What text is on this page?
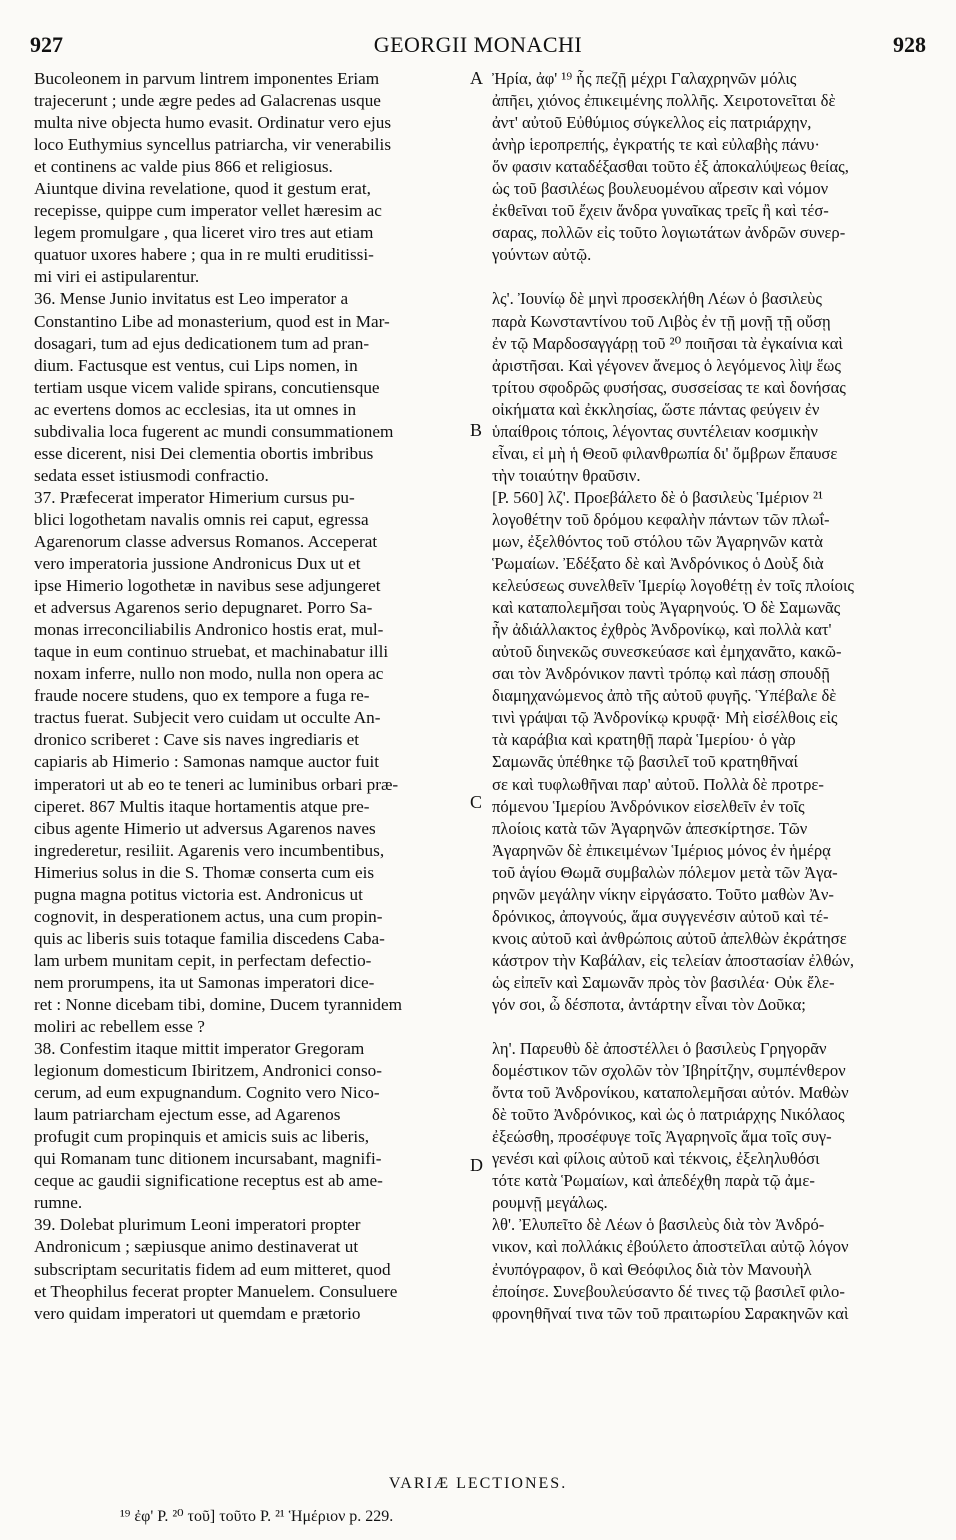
927	GEORGII MONACHI	928
Bucoleonem in parvum lintrem imponentes Eriam
trajecerunt ; unde ægre pedes ad Galacrenas usque
multa nive objecta humo evasit. Ordinatur vero ejus
loco Euthymius syncellus patriarcha, vir venerabilis
et continens ac valde pius 866 et religiosus.
Aiuntque divina revelatione, quod it gestum erat,
recepisse, quippe cum imperator vellet hæresim ac
legem promulgare , qua liceret viro tres aut etiam
quatuor uxores habere ; qua in re multi eruditissi-
mi viri ei astipularentur.
36. Mense Junio invitatus est Leo imperator a
Constantino Libe ad monasterium, quod est in Mar-
dosagari, tum ad ejus dedicationem tum ad pran-
dium. Factusque est ventus, cui Lips nomen, in
tertiam usque vicem valide spirans, concutiensque
ac evertens domos ac ecclesias, ita ut omnes in
subdivalia loca fugerent ac mundi consummationem
esse dicerent, nisi Dei clementia obortis imbribus
sedata esset istiusmodi confractio.
37. Præfecerat imperator Himerium cursus pu-
blici logothetam navalis omnis rei caput, egressa
Agarenorum classe adversus Romanos. Acceperat
vero imperatoria jussione Andronicus Dux ut et
ipse Himerio logothetæ in navibus sese adjungeret
et adversus Agarenos serio depugnaret. Porro Sa-
monas irreconciliabilis Andronico hostis erat, mul-
taque in eum continuo struebat, et machinabatur illi
noxam inferre, nullo non modo, nulla non opera ac
fraude nocere studens, quo ex tempore a fuga re-
tractus fuerat. Subjecit vero cuidam ut occulte An-
dronico scriberet : Cave sis naves ingrediaris et
capiaris ab Himerio : Samonas namque auctor fuit
imperatori ut ab eo te teneri ac luminibus orbari præ-
ciperet. 867 Multis itaque hortamentis atque pre-
cibus agente Himerio ut adversus Agarenos naves
ingrederetur, resiliit. Agarenis vero incumbentibus,
Himerius solus in die S. Thomæ conserta cum eis
pugna magna potitus victoria est. Andronicus ut
cognovit, in desperationem actus, una cum propin-
quis ac liberis suis totaque familia discedens Caba-
lam urbem munitam cepit, in perfectam defectio-
nem prorumpens, ita ut Samonas imperatori dice-
ret : Nonne dicebam tibi, domine, Ducem tyrannidem
moliri ac rebellem esse ?
38. Confestim itaque mittit imperator Gregoram
legionum domesticum Ibiritzem, Andronici conso-
cerum, ad eum expugnandum. Cognito vero Nico-
laum patriarcham ejectum esse, ad Agarenos
profugit cum propinquis et amicis suis ac liberis,
qui Romanam tunc ditionem incursabant, magnifi-
ceque ac gaudii significatione receptus est ab ame-
rumne.
39. Dolebat plurimum Leoni imperatori propter
Andronicum ; sæpiusque animo destinaverat ut
subscriptam securitatis fidem ad eum mitteret, quod
et Theophilus fecerat propter Manuelem. Consuluere
vero quidam imperatori ut quemdam e prætorio
Ἠρία, ἀφ' ¹⁹ ἧς πεζῇ μέχρι Γαλαχρηνῶν μόλις
ἀπῆει, χιόνος ἐπικειμένης πολλῆς. Χειροτονεῖται δὲ
ἀντ' αὐτοῦ Εὐθύμιος σύγκελλος εἰς πατριάρχην,
ἀνὴρ ἱεροπρεπής, ἐγκρατής τε καὶ εὐλαβὴς πάνυ·
ὅν φασιν καταδέξασθαι τοῦτο ἐξ ἀποκαλύψεως θείας,
ὡς τοῦ βασιλέως βουλευομένου αἵρεσιν καὶ νόμον
ἐκθεῖναι τοῦ ἔχειν ἄνδρα γυναῖκας τρεῖς ἢ καὶ τέσ-
σαρας, πολλῶν εἰς τοῦτο λογιωτάτων ἀνδρῶν συνερ-
γούντων αὐτῷ.

λς'. Ἰουνίῳ δὲ μηνὶ προσεκλήθη Λέων ὁ βασιλεὺς
παρὰ Κωνσταντίνου τοῦ Λιβὸς ἐν τῇ μονῇ τῇ οὔσῃ
ἐν τῷ Μαρδοσαγγάρῃ τοῦ ²⁰ ποιῆσαι τὰ ἐγκαίνια καὶ
ἀριστῆσαι. Καὶ γέγονεν ἄνεμος ὁ λεγόμενος λὶψ ἕως
τρίτου σφοδρῶς φυσήσας, συσσείσας τε καὶ δονήσας
οἰκήματα καὶ ἐκκλησίας, ὥστε πάντας φεύγειν ἐν
ὑπαίθροις τόποις, λέγοντας συντέλειαν κοσμικὴν
εἶναι, εἰ μὴ ἡ Θεοῦ φιλανθρωπία δι' ὄμβρων ἔπαυσε
τὴν τοιαύτην θραῦσιν.
[P. 560] λζ'. Προεβάλετο δὲ ὁ βασιλεὺς Ἱμέριον ²¹
λογοθέτην τοῦ δρόμου κεφαλὴν πάντων τῶν πλωΐ-
μων, ἐξελθόντος τοῦ στόλου τῶν Ἀγαρηνῶν κατὰ
Ῥωμαίων. Ἐδέξατο δὲ καὶ Ἀνδρόνικος ὁ Δοὺξ διὰ
κελεύσεως συνελθεῖν Ἱμερίῳ λογοθέτῃ ἐν τοῖς πλοίοις
καὶ καταπολεμῆσαι τοὺς Ἀγαρηνούς. Ὁ δὲ Σαμωνᾶς
ἦν ἀδιάλλακτος ἐχθρὸς Ἀνδρονίκῳ, καὶ πολλὰ κατ'
αὐτοῦ διηνεκῶς συνεσκεύασε καὶ ἐμηχανᾶτο, κακῶ-
σαι τὸν Ἀνδρόνικον παντὶ τρόπῳ καὶ πάσῃ σπουδῇ
διαμηχανώμενος ἀπὸ τῆς αὐτοῦ φυγῆς. Ὑπέβαλε δὲ
τινὶ γράψαι τῷ Ἀνδρονίκῳ κρυφᾷ· Μὴ εἰσέλθοις εἰς
τὰ καράβια καὶ κρατηθῇ παρὰ Ἱμερίου· ὁ γὰρ
Σαμωνᾶς ὑπέθηκε τῷ βασιλεῖ τοῦ κρατηθῆναί
σε καὶ τυφλωθῆναι παρ' αὐτοῦ. Πολλὰ δὲ προτρε-
πόμενου Ἱμερίου Ἀνδρόνικον εἰσελθεῖν ἐν τοῖς
πλοίοις κατὰ τῶν Ἀγαρηνῶν ἀπεσκίρτησε. Τῶν
Ἀγαρηνῶν δὲ ἐπικειμένων Ἱμέριος μόνος ἐν ἡμέρᾳ
τοῦ ἁγίου Θωμᾶ συμβαλὼν πόλεμον μετὰ τῶν Ἀγα-
ρηνῶν μεγάλην νίκην εἰργάσατο. Τοῦτο μαθὼν Ἀν-
δρόνικος, ἀπογνούς, ἅμα συγγενέσιν αὐτοῦ καὶ τέ-
κνοις αὐτοῦ καὶ ἀνθρώποις αὐτοῦ ἀπελθὼν ἐκράτησε
κάστρον τὴν Καβάλαν, εἰς τελείαν ἀποστασίαν ἐλθών,
ὡς εἰπεῖν καὶ Σαμωνᾶν πρὸς τὸν βασιλέα· Οὐκ ἔλε-
γόν σοι, ὦ δέσποτα, ἀντάρτην εἶναι τὸν Δοῦκα;

λη'. Παρευθὺ δὲ ἀποστέλλει ὁ βασιλεὺς Γρηγορᾶν
δομέστικον τῶν σχολῶν τὸν Ἰβηρίτζην, συμπένθερον
ὄντα τοῦ Ἀνδρονίκου, καταπολεμῆσαι αὐτόν. Μαθὼν
δὲ τοῦτο Ἀνδρόνικος, καὶ ὡς ὁ πατριάρχης Νικόλαος
ἐξεώσθη, προσέφυγε τοῖς Ἀγαρηνοῖς ἅμα τοῖς συγ-
γενέσι καὶ φίλοις αὐτοῦ καὶ τέκνοις, ἐξεληλυθόσι
τότε κατὰ Ῥωμαίων, καὶ ἀπεδέχθη παρὰ τῷ ἀμε-
ρουμνῇ μεγάλως.
λθ'. Ἐλυπεῖτο δὲ Λέων ὁ βασιλεὺς διὰ τὸν Ἀνδρό-
νικον, καὶ πολλάκις ἐβούλετο ἀποστεῖλαι αὐτῷ λόγον
ἐνυπόγραφον, ὃ καὶ Θεόφιλος διὰ τὸν Μανουὴλ
ἐποίησε. Συνεβουλεύσαντο δέ τινες τῷ βασιλεῖ φιλο-
φρονηθῆναί τινα τῶν τοῦ πραιτωρίου Σαρακηνῶν καὶ
A
B
C
D
VARIÆ LECTIONES.
¹⁹ ἐφ' P. ²⁰ τοῦ] τοῦτο P. ²¹ Ἡμέριον p. 229.
